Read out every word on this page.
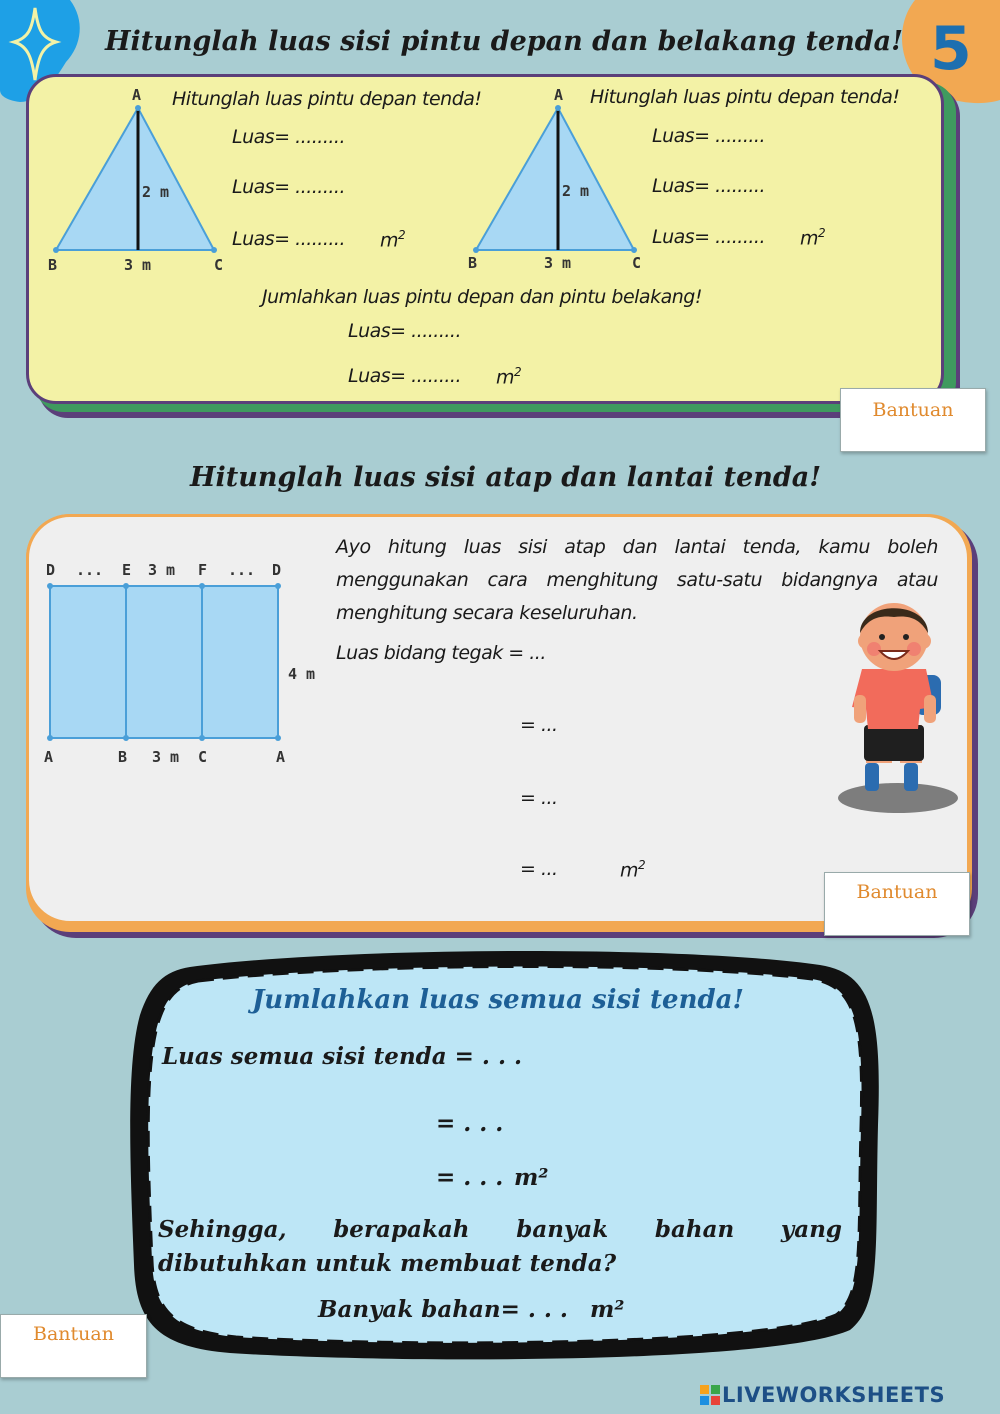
5
Hitunglah luas sisi pintu depan dan belakang tenda!
A
B	C
2 m
3 m
Hitunglah luas pintu depan tenda!
Luas= .........
Luas= .........
Luas= ......... $m^2$
A
B	C
2 m
3 m
Hitunglah luas pintu depan tenda!
Luas= .........
Luas= .........
Luas= ......... $m^2$
Jumlahkan luas pintu depan dan pintu belakang!
Luas= .........
Luas= ......... $m^2$
Bantuan
Hitunglah luas sisi atap dan lantai tenda!
D ... E 3 m F ... D
A	B 3 m C	A
4 m
Ayo hitung luas sisi atap dan lantai tenda, kamu boleh menggunakan cara menghitung satu-satu bidangnya atau menghitung secara keseluruhan.
Luas bidang tegak = ...
= ...
= ...
= ...	$m^2$
Bantuan
Jumlahkan luas semua sisi tenda!
Luas semua sisi tenda = . . .
= . . .
= . . . m²
Sehingga, berapakah banyak bahan yang dibutuhkan untuk membuat tenda?
Banyak bahan= . . . m²
Bantuan
LIVEWORKSHEETS
